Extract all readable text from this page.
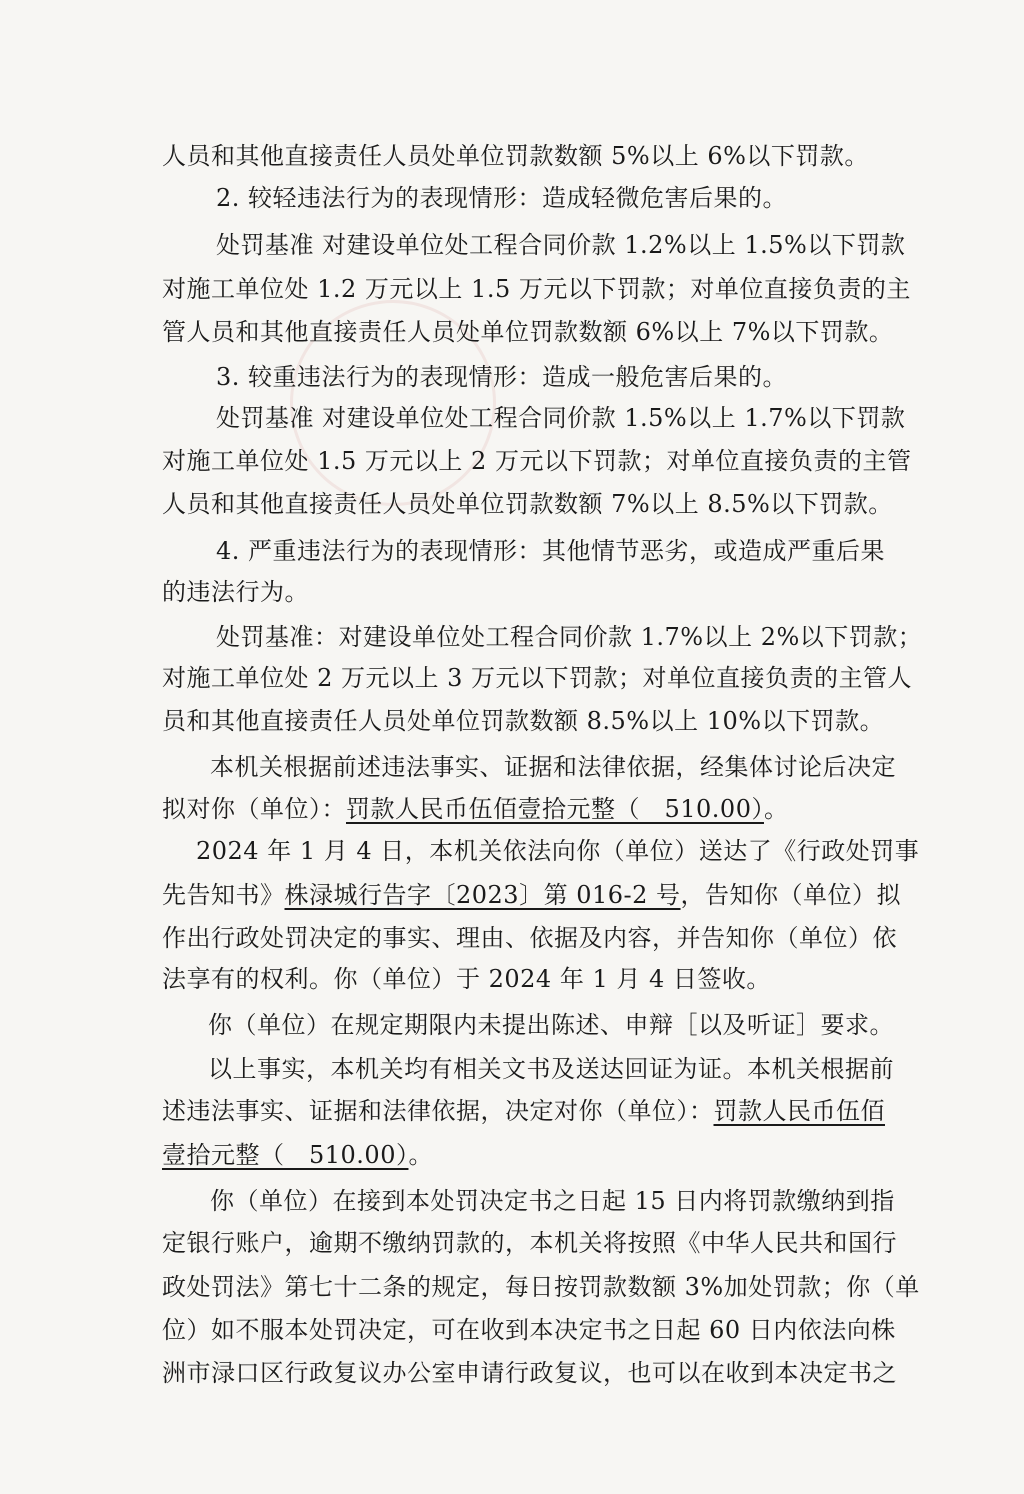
人员和其他直接责任人员处单位罚款数额 5%以上 6%以下罚款。
2. 较轻违法行为的表现情形：造成轻微危害后果的。
处罚基准 对建设单位处工程合同价款 1.2%以上 1.5%以下罚款
对施工单位处 1.2 万元以上 1.5 万元以下罚款；对单位直接负责的主
管人员和其他直接责任人员处单位罚款数额 6%以上 7%以下罚款。
3. 较重违法行为的表现情形：造成一般危害后果的。
处罚基准 对建设单位处工程合同价款 1.5%以上 1.7%以下罚款
对施工单位处 1.5 万元以上 2 万元以下罚款；对单位直接负责的主管
人员和其他直接责任人员处单位罚款数额 7%以上 8.5%以下罚款。
4. 严重违法行为的表现情形：其他情节恶劣，或造成严重后果
的违法行为。
处罚基准：对建设单位处工程合同价款 1.7%以上 2%以下罚款；
对施工单位处 2 万元以上 3 万元以下罚款；对单位直接负责的主管人
员和其他直接责任人员处单位罚款数额 8.5%以上 10%以下罚款。
本机关根据前述违法事实、证据和法律依据，经集体讨论后决定
拟对你（单位）：罚款人民币伍佰壹拾元整（　510.00）。
2024 年 1 月 4 日，本机关依法向你（单位）送达了《行政处罚事
先告知书》株渌城行告字〔2023〕第 016-2 号，告知你（单位）拟
作出行政处罚决定的事实、理由、依据及内容，并告知你（单位）依
法享有的权利。你（单位）于 2024 年 1 月 4 日签收。
你（单位）在规定期限内未提出陈述、申辩［以及听证］要求。
以上事实，本机关均有相关文书及送达回证为证。本机关根据前
述违法事实、证据和法律依据，决定对你（单位）：罚款人民币伍佰
壹拾元整（　510.00）。
你（单位）在接到本处罚决定书之日起 15 日内将罚款缴纳到指
定银行账户，逾期不缴纳罚款的，本机关将按照《中华人民共和国行
政处罚法》第七十二条的规定，每日按罚款数额 3%加处罚款；你（单
位）如不服本处罚决定，可在收到本决定书之日起 60 日内依法向株
洲市渌口区行政复议办公室申请行政复议，也可以在收到本决定书之
